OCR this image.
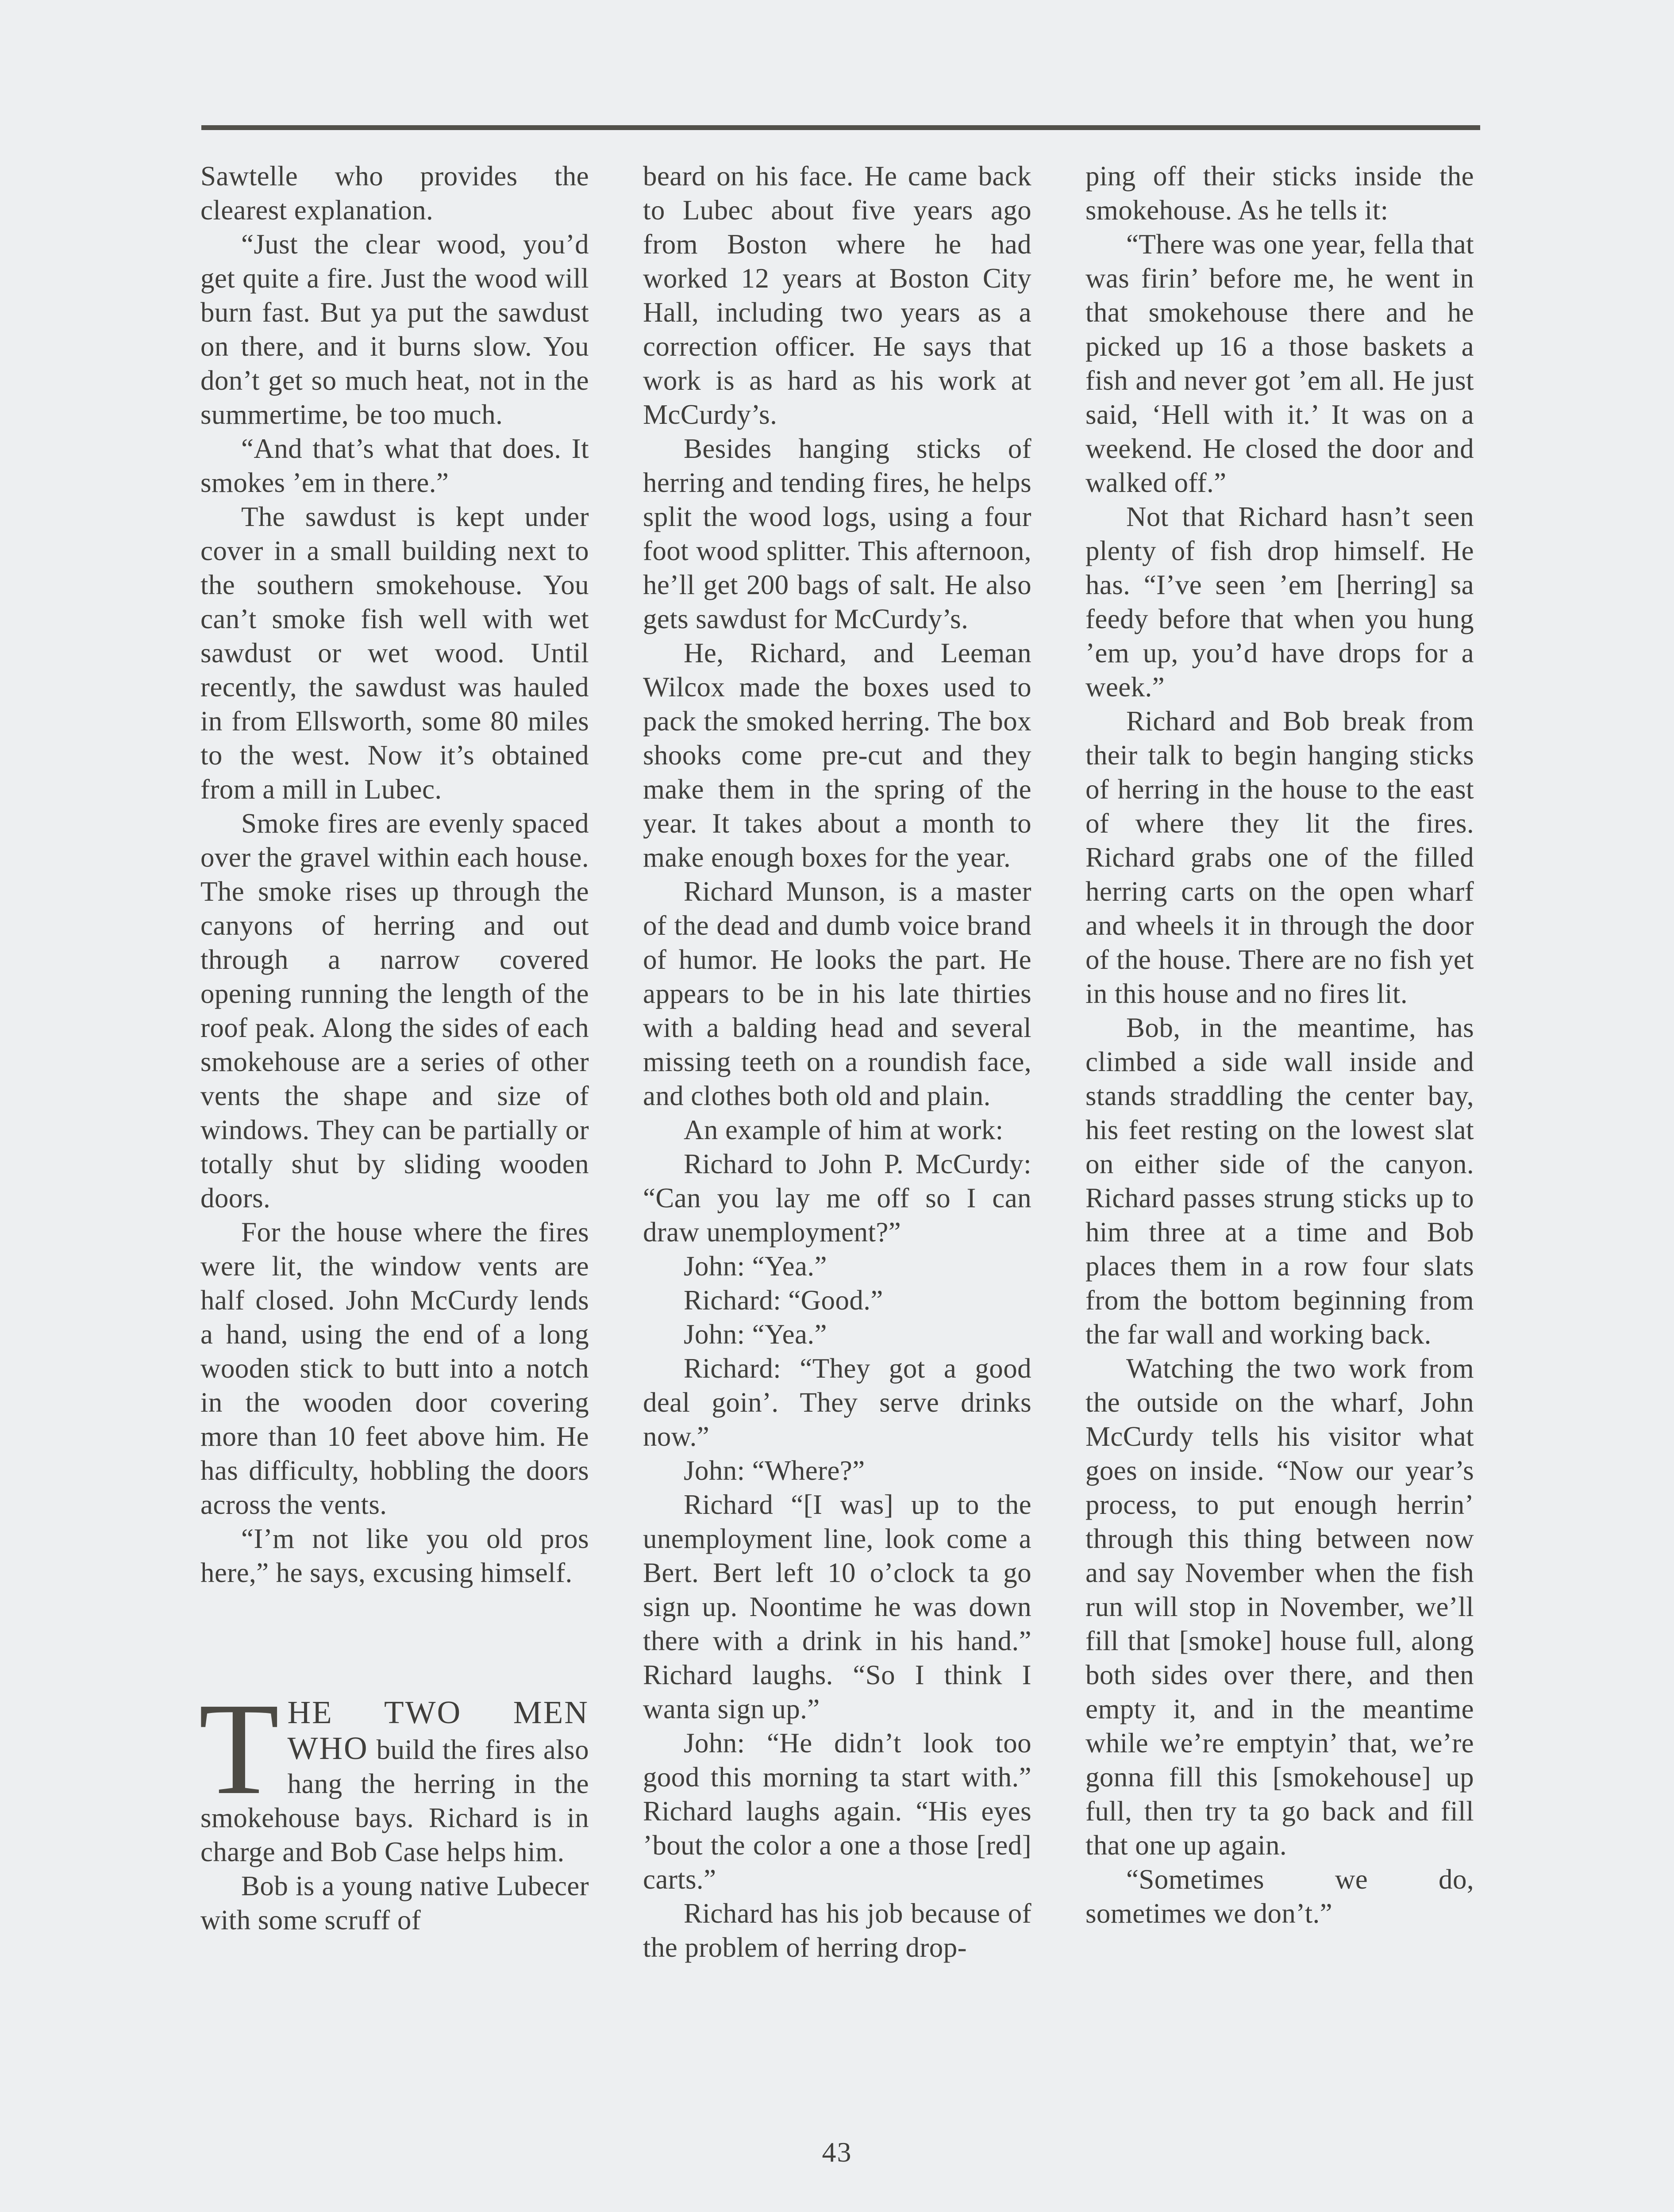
Sawtelle who provides the clearest explanation.

“Just the clear wood, you’d get quite a fire. Just the wood will burn fast. But ya put the sawdust on there, and it burns slow. You don’t get so much heat, not in the summertime, be too much.

“And that’s what that does. It smokes ’em in there.”

The sawdust is kept under cover in a small building next to the southern smokehouse. You can’t smoke fish well with wet sawdust or wet wood. Until recently, the sawdust was hauled in from Ellsworth, some 80 miles to the west. Now it’s obtained from a mill in Lubec.

Smoke fires are evenly spaced over the gravel within each house. The smoke rises up through the canyons of herring and out through a narrow covered opening running the length of the roof peak. Along the sides of each smokehouse are a series of other vents the shape and size of windows. They can be partially or totally shut by sliding wooden doors.

For the house where the fires were lit, the window vents are half closed. John McCurdy lends a hand, using the end of a long wooden stick to butt into a notch in the wooden door covering more than 10 feet above him. He has difficulty, hobbling the doors across the vents.

“I’m not like you old pros here,” he says, excusing himself.

T HE TWO MEN WHO build the fires also hang the herring in the smokehouse bays. Richard is in charge and Bob Case helps him.

Bob is a young native Lubecer with some scruff of

beard on his face. He came back to Lubec about five years ago from Boston where he had worked 12 years at Boston City Hall, including two years as a correction officer. He says that work is as hard as his work at McCurdy’s.

Besides hanging sticks of herring and tending fires, he helps split the wood logs, using a four foot wood splitter. This afternoon, he’ll get 200 bags of salt. He also gets sawdust for McCurdy’s.

He, Richard, and Leeman Wilcox made the boxes used to pack the smoked herring. The box shooks come pre-cut and they make them in the spring of the year. It takes about a month to make enough boxes for the year.

Richard Munson, is a master of the dead and dumb voice brand of humor. He looks the part. He appears to be in his late thirties with a balding head and several missing teeth on a roundish face, and clothes both old and plain.

An example of him at work:

Richard to John P. McCurdy: “Can you lay me off so I can draw unemployment?”

John: “Yea.”

Richard: “Good.”

John: “Yea.”

Richard: “They got a good deal goin’. They serve drinks now.”

John: “Where?”

Richard “[I was] up to the unemployment line, look come a Bert. Bert left 10 o’clock ta go sign up. Noontime he was down there with a drink in his hand.” Richard laughs. “So I think I wanta sign up.”

John: “He didn’t look too good this morning ta start with.” Richard laughs again. “His eyes ’bout the color a one a those [red] carts.”

Richard has his job because of the problem of herring drop-

ping off their sticks inside the smokehouse. As he tells it:

“There was one year, fella that was firin’ before me, he went in that smokehouse there and he picked up 16 a those baskets a fish and never got ’em all. He just said, ‘Hell with it.’ It was on a weekend. He closed the door and walked off.”

Not that Richard hasn’t seen plenty of fish drop himself. He has. “I’ve seen ’em [herring] sa feedy before that when you hung ’em up, you’d have drops for a week.”

Richard and Bob break from their talk to begin hanging sticks of herring in the house to the east of where they lit the fires. Richard grabs one of the filled herring carts on the open wharf and wheels it in through the door of the house. There are no fish yet in this house and no fires lit.

Bob, in the meantime, has climbed a side wall inside and stands straddling the center bay, his feet resting on the lowest slat on either side of the canyon. Richard passes strung sticks up to him three at a time and Bob places them in a row four slats from the bottom beginning from the far wall and working back.

Watching the two work from the outside on the wharf, John McCurdy tells his visitor what goes on inside. “Now our year’s process, to put enough herrin’ through this thing between now and say November when the fish run will stop in November, we’ll fill that [smoke] house full, along both sides over there, and then empty it, and in the meantime while we’re emptyin’ that, we’re gonna fill this [smokehouse] up full, then try ta go back and fill that one up again.

“Sometimes we do, sometimes we don’t.”

43
